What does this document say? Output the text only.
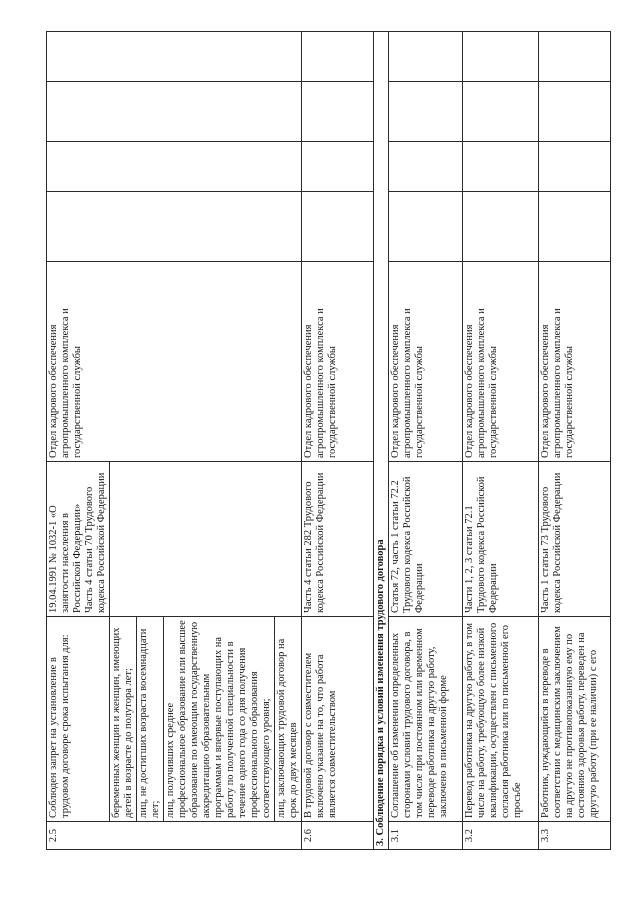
2.5	Соблюден запрет на установление в трудовом договоре срока испытания для:	19.04.1991 № 1032-1 «О занятости населения в Российской Федерации» Часть 4 статьи 70 Трудового кодекса Российской Федерации	Отдел кадрового обеспечения агропромышленного комплекса и государственной службы				
	беременных женщин и женщин, имеющих детей в возрасте до полутора лет;						
	лиц, не достигших возраста восемнадцати лет;						
	лиц, получивших среднее профессиональное образование или высшее образование по имеющим государственную аккредитацию образовательным программам и впервые поступающих на работу по полученной специальности в течение одного года со дня получения профессионального образования соответствующего уровня;						
	лиц, заключающих трудовой договор на срок до двух месяцев						
2.6	В трудовой договор с совместителем включено указание на то, что работа является совместительством	Часть 4 статьи 282 Трудового кодекса Российской Федерации	Отдел кадрового обеспечения агропромышленного комплекса и государственной службы				
3. Соблюдение порядка и условий изменения трудового договора							
3.1	Соглашение об изменении определенных сторонами условий трудового договора, в том числе при постоянном или временном переводе работника на другую работу, заключено в письменной форме	Статья 72, часть 1 статьи 72.2 Трудового кодекса Российской Федерации	Отдел кадрового обеспечения агропромышленного комплекса и государственной службы				
3.2	Перевод работника на другую работу, в том числе на работу, требующую более низкой квалификации, осуществлен с письменного согласия работника или по письменной его просьбе	Части 1, 2, 3 статьи 72.1 Трудового кодекса Российской Федерации	Отдел кадрового обеспечения агропромышленного комплекса и государственной службы				
3.3	Работник, нуждающийся в переводе в соответствии с медицинским заключением на другую не противопоказанную ему по состоянию здоровья работу, переведен на другую работу (при ее наличии) с его	Часть 1 статьи 73 Трудового кодекса Российской Федерации	Отдел кадрового обеспечения агропромышленного комплекса и государственной службы				
